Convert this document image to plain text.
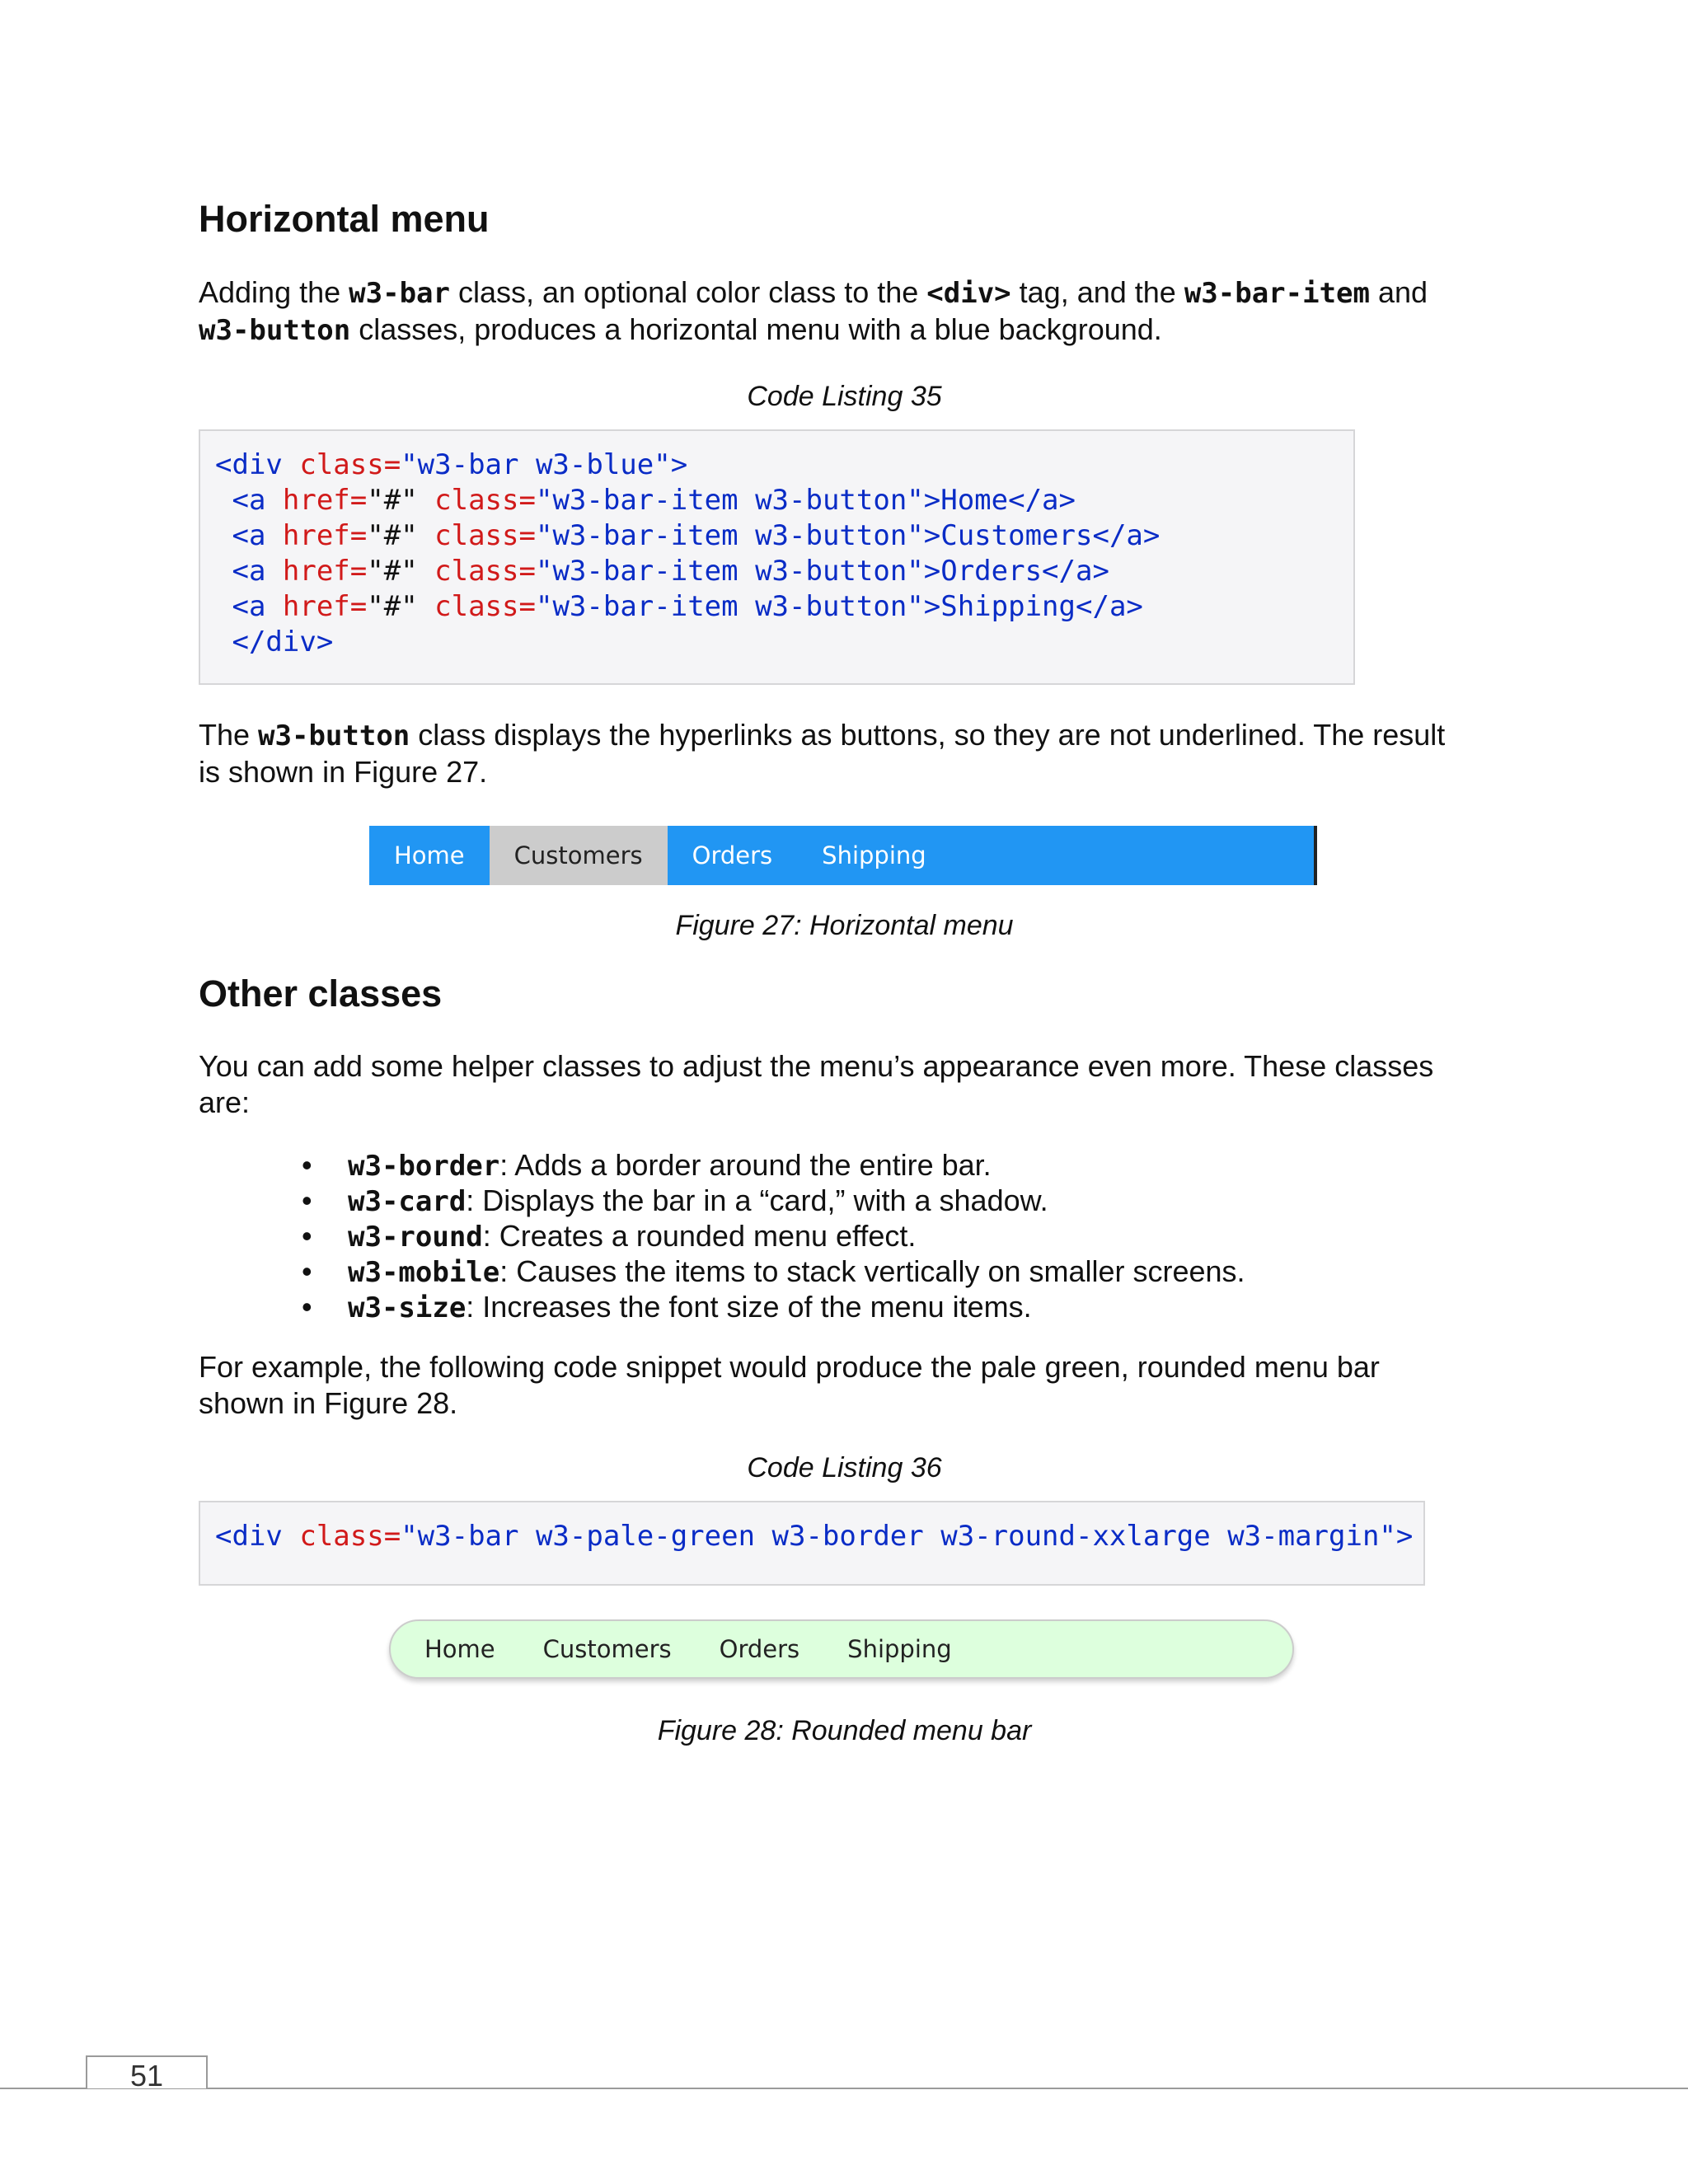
Horizontal menu

Adding the w3-bar class, an optional color class to the <div> tag, and the w3-bar-item and
w3-button classes, produces a horizontal menu with a blue background.

Code Listing 35
<div class="w3-bar w3-blue">
<a href="#" class="w3-bar-item w3-button">Home</a>
<a href="#" class="w3-bar-item w3-button">Customers</a>
<a href="#" class="w3-bar-item w3-button">Orders</a>
<a href="#" class="w3-bar-item w3-button">Shipping</a>
</div>

The w3-button class displays the hyperlinks as buttons, so they are not underlined. The result
is shown in Figure 27.

Figure 27: Horizontal menu
Other classes

You can add some helper classes to adjust the menu’s appearance even more. These classes
are:

• w3-border: Adds a border around the entire bar.
• w3-card: Displays the bar in a “card,” with a shadow.
• w3-round: Creates a rounded menu effect.
• w3-mobile: Causes the items to stack vertically on smaller screens.
• w3-size: Increases the font size of the menu items.

For example, the following code snippet would produce the pale green, rounded menu bar
shown in Figure 28.

Code Listing 36
<div class="w3-bar w3-pale-green w3-border w3-round-xxlarge w3-margin">
Figure 28: Rounded menu bar
Home	Customers	Orders	Shipping
Home	Customers	Orders	Shipping
51
